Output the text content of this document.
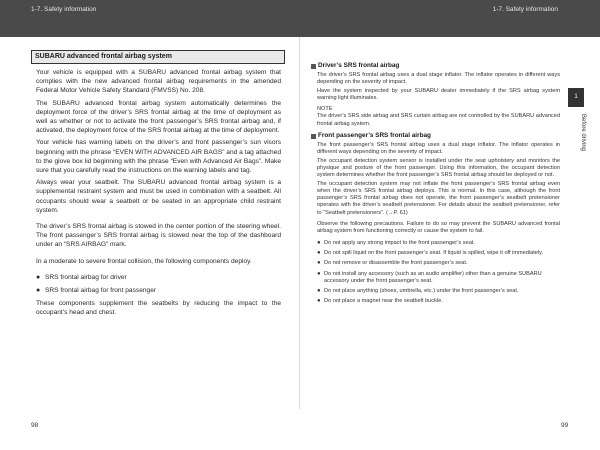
1-7. Safety information	1-7. Safety information
SUBARU advanced frontal airbag system

Your vehicle is equipped with a SUBARU advanced frontal airbag system that complies with the new advanced frontal airbag requirements in the amended Federal Motor Vehicle Safety Standard (FMVSS) No. 208.

The SUBARU advanced frontal airbag system automatically determines the deployment force of the driver’s SRS frontal airbag at the time of deployment as well as whether or not to activate the front passenger’s SRS frontal airbag and, if activated, the deployment force of the SRS frontal airbag at the time of deployment.

Your vehicle has warning labels on the driver’s and front passenger’s sun visors beginning with the phrase “EVEN WITH ADVANCED AIR BAGS” and a tag attached to the glove box lid beginning with the phrase “Even with Advanced Air Bags”. Make sure that you carefully read the instructions on the warning labels and tag.

Always wear your seatbelt. The SUBARU advanced frontal airbag system is a supplemental restraint system and must be used in combination with a seatbelt. All occupants should wear a seatbelt or be seated in an appropriate child restraint system.

The driver’s SRS frontal airbag is stowed in the center portion of the steering wheel. The front passenger’s SRS frontal airbag is stowed near the top of the dashboard under an “SRS AIRBAG” mark.

In a moderate to severe frontal collision, the following components deploy.

● SRS frontal airbag for driver
● SRS frontal airbag for front passenger

These components supplement the seatbelts by reducing the impact to the occupant’s head and chest.

Driver’s SRS frontal airbag

The driver’s SRS frontal airbag uses a dual stage inflator. The inflator operates in different ways depending on the severity of impact.

Have the system inspected by your SUBARU dealer immediately if the SRS airbag system warning light illuminates.

NOTE

The driver’s SRS side airbag and SRS curtain airbag are not controlled by the SUBARU advanced frontal airbag system.

Front passenger’s SRS frontal airbag

The front passenger’s SRS frontal airbag uses a dual stage inflator. The inflator operates in different ways depending on the severity of impact.

The occupant detection system sensor is installed under the seat upholstery and monitors the physique and posture of the front passenger. Using this information, the occupant detection system determines whether the front passenger’s SRS frontal airbag should be deployed or not.

The occupant detection system may not inflate the front passenger’s SRS frontal airbag even when the driver’s SRS frontal airbag deploys. This is normal. In this case, although the front passenger’s SRS frontal airbag does not operate, the front passenger’s seatbelt pretensioner operates with the driver’s seatbelt pretensioner. For details about the seatbelt pretensioner, refer to “Seatbelt pretensioners”. (→P. 61)

Observe the following precautions. Failure to do so may prevent the SUBARU advanced frontal airbag system from functioning correctly or cause the system to fail.

● Do not apply any strong impact to the front passenger’s seat.
● Do not spill liquid on the front passenger’s seat. If liquid is spilled, wipe it off immediately.
● Do not remove or disassemble the front passenger’s seat.
● Do not install any accessory (such as an audio amplifier) other than a genuine SUBARU accessory under the front passenger’s seat.
● Do not place anything (shoes, umbrella, etc.) under the front passenger’s seat.
● Do not place a magnet near the seatbelt buckle.
1
Before driving
98	99
